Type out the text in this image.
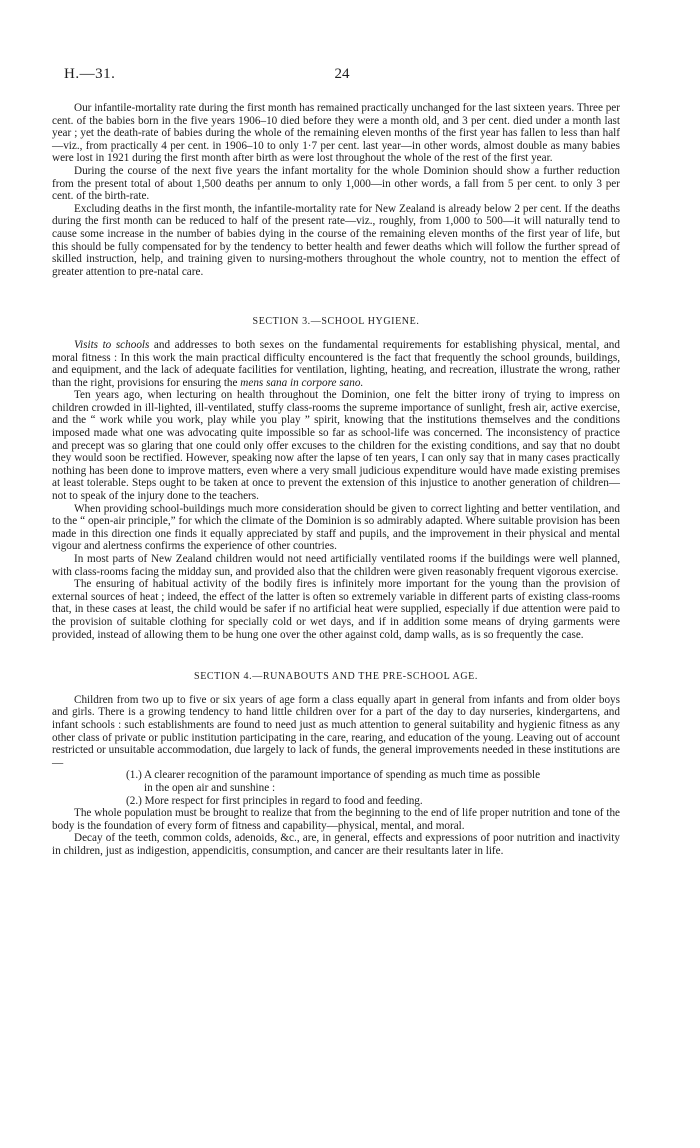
H.—31.	24

Our infantile-mortality rate during the first month has remained practically unchanged for the last sixteen years. Three per cent. of the babies born in the five years 1906–10 died before they were a month old, and 3 per cent. died under a month last year ; yet the death-rate of babies during the whole of the remaining eleven months of the first year has fallen to less than half—viz., from practically 4 per cent. in 1906–10 to only 1·7 per cent. last year—in other words, almost double as many babies were lost in 1921 during the first month after birth as were lost throughout the whole of the rest of the first year.

During the course of the next five years the infant mortality for the whole Dominion should show a further reduction from the present total of about 1,500 deaths per annum to only 1,000—in other words, a fall from 5 per cent. to only 3 per cent. of the birth-rate.

Excluding deaths in the first month, the infantile-mortality rate for New Zealand is already below 2 per cent. If the deaths during the first month can be reduced to half of the present rate—viz., roughly, from 1,000 to 500—it will naturally tend to cause some increase in the number of babies dying in the course of the remaining eleven months of the first year of life, but this should be fully compensated for by the tendency to better health and fewer deaths which will follow the further spread of skilled instruction, help, and training given to nursing-mothers throughout the whole country, not to mention the effect of greater attention to pre-natal care.

SECTION 3.—SCHOOL HYGIENE.

Visits to schools and addresses to both sexes on the fundamental requirements for establishing physical, mental, and moral fitness : In this work the main practical difficulty encountered is the fact that frequently the school grounds, buildings, and equipment, and the lack of adequate facilities for ventilation, lighting, heating, and recreation, illustrate the wrong, rather than the right, provisions for ensuring the mens sana in corpore sano.

Ten years ago, when lecturing on health throughout the Dominion, one felt the bitter irony of trying to impress on children crowded in ill-lighted, ill-ventilated, stuffy class-rooms the supreme importance of sunlight, fresh air, active exercise, and the “ work while you work, play while you play ” spirit, knowing that the institutions themselves and the conditions imposed made what one was advocating quite impossible so far as school-life was concerned. The inconsistency of practice and precept was so glaring that one could only offer excuses to the children for the existing conditions, and say that no doubt they would soon be rectified. However, speaking now after the lapse of ten years, I can only say that in many cases practically nothing has been done to improve matters, even where a very small judicious expenditure would have made existing premises at least tolerable. Steps ought to be taken at once to prevent the extension of this injustice to another generation of children—not to speak of the injury done to the teachers.

When providing school-buildings much more consideration should be given to correct lighting and better ventilation, and to the “ open-air principle,” for which the climate of the Dominion is so admirably adapted. Where suitable provision has been made in this direction one finds it equally appreciated by staff and pupils, and the improvement in their physical and mental vigour and alertness confirms the experience of other countries.

In most parts of New Zealand children would not need artificially ventilated rooms if the buildings were well planned, with class-rooms facing the midday sun, and provided also that the children were given reasonably frequent vigorous exercise.

The ensuring of habitual activity of the bodily fires is infinitely more important for the young than the provision of external sources of heat ; indeed, the effect of the latter is often so extremely variable in different parts of existing class-rooms that, in these cases at least, the child would be safer if no artificial heat were supplied, especially if due attention were paid to the provision of suitable clothing for specially cold or wet days, and if in addition some means of drying garments were provided, instead of allowing them to be hung one over the other against cold, damp walls, as is so frequently the case.

SECTION 4.—RUNABOUTS AND THE PRE-SCHOOL AGE.

Children from two up to five or six years of age form a class equally apart in general from infants and from older boys and girls. There is a growing tendency to hand little children over for a part of the day to day nurseries, kindergartens, and infant schools : such establishments are found to need just as much attention to general suitability and hygienic fitness as any other class of private or public institution participating in the care, rearing, and education of the young. Leaving out of account restricted or unsuitable accommodation, due largely to lack of funds, the general improvements needed in these institutions are—

(1.) A clearer recognition of the paramount importance of spending as much time as possible
in the open air and sunshine :
(2.) More respect for first principles in regard to food and feeding.

The whole population must be brought to realize that from the beginning to the end of life proper nutrition and tone of the body is the foundation of every form of fitness and capability—physical, mental, and moral.

Decay of the teeth, common colds, adenoids, &c., are, in general, effects and expressions of poor nutrition and inactivity in children, just as indigestion, appendicitis, consumption, and cancer are their resultants later in life.
